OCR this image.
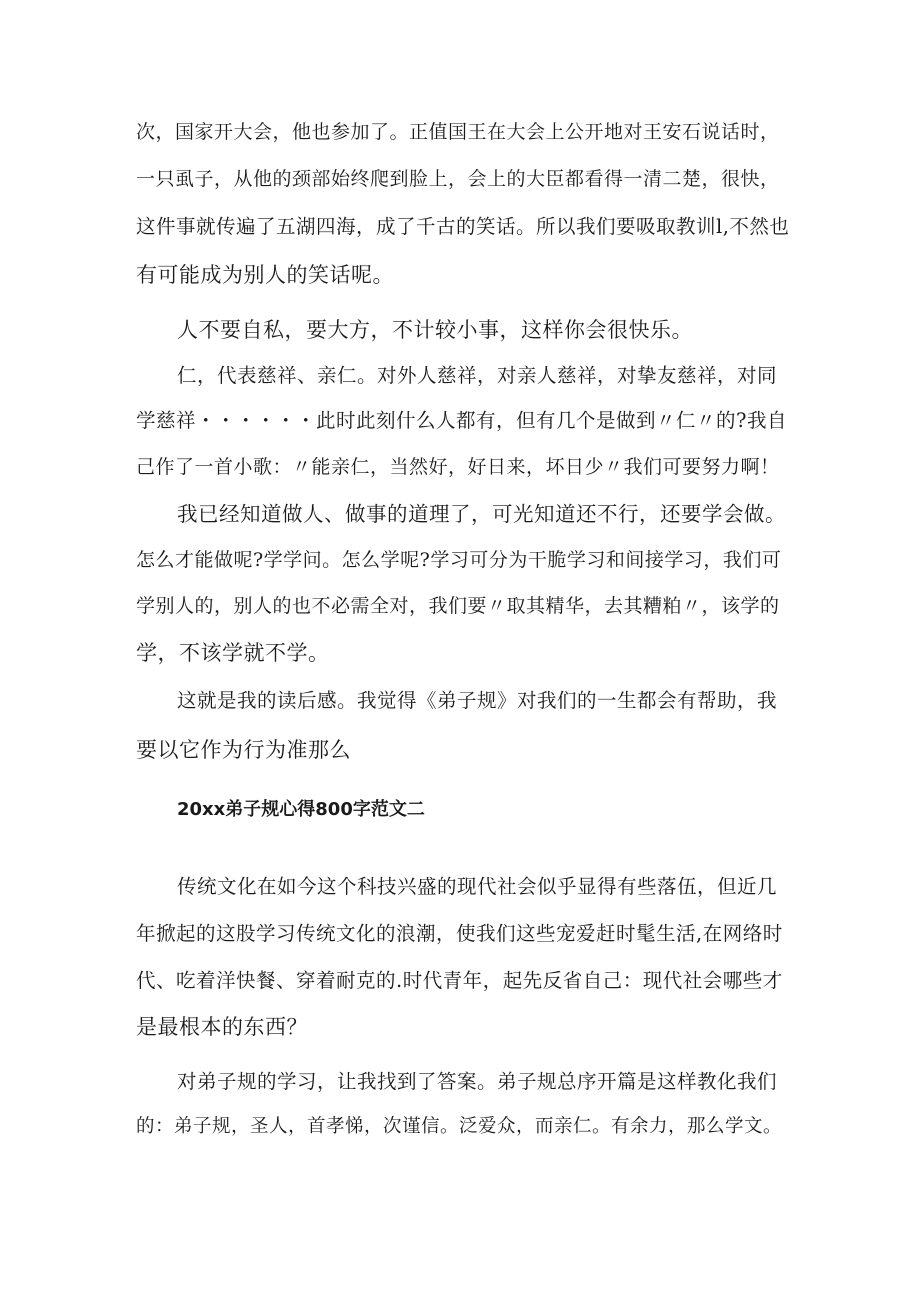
次，国家开大会，他也参加了。正值国王在大会上公开地对王安石说话时，
一只虱子，从他的颈部始终爬到脸上，会上的大臣都看得一清二楚，很快，
这件事就传遍了五湖四海，成了千古的笑话。所以我们要吸取教训l,不然也
有可能成为别人的笑话呢。
人不要自私，要大方，不计较小事，这样你会很快乐。
仁，代表慈祥、亲仁。对外人慈祥，对亲人慈祥，对挚友慈祥，对同
学慈祥・・・・・・此时此刻什么人都有，但有几个是做到〃仁〃的?我自
己作了一首小歌：〃能亲仁，当然好，好日来，坏日少〃我们可要努力啊！
我已经知道做人、做事的道理了，可光知道还不行，还要学会做。
怎么才能做呢?学学问。怎么学呢?学习可分为干脆学习和间接学习，我们可
学别人的，别人的也不必需全对，我们要〃取其精华，去其糟粕〃，该学的
学，不该学就不学。
这就是我的读后感。我觉得《弟子规》对我们的一生都会有帮助，我
要以它作为行为准那么
20xx弟子规心得800字范文二
传统文化在如今这个科技兴盛的现代社会似乎显得有些落伍，但近几
年掀起的这股学习传统文化的浪潮，使我们这些宠爱赶时髦生活,在网络时
代、吃着洋快餐、穿着耐克的.时代青年，起先反省自己：现代社会哪些才
是最根本的东西？
对弟子规的学习，让我找到了答案。弟子规总序开篇是这样教化我们
的：弟子规，圣人，首孝悌，次谨信。泛爱众，而亲仁。有余力，那么学文。
